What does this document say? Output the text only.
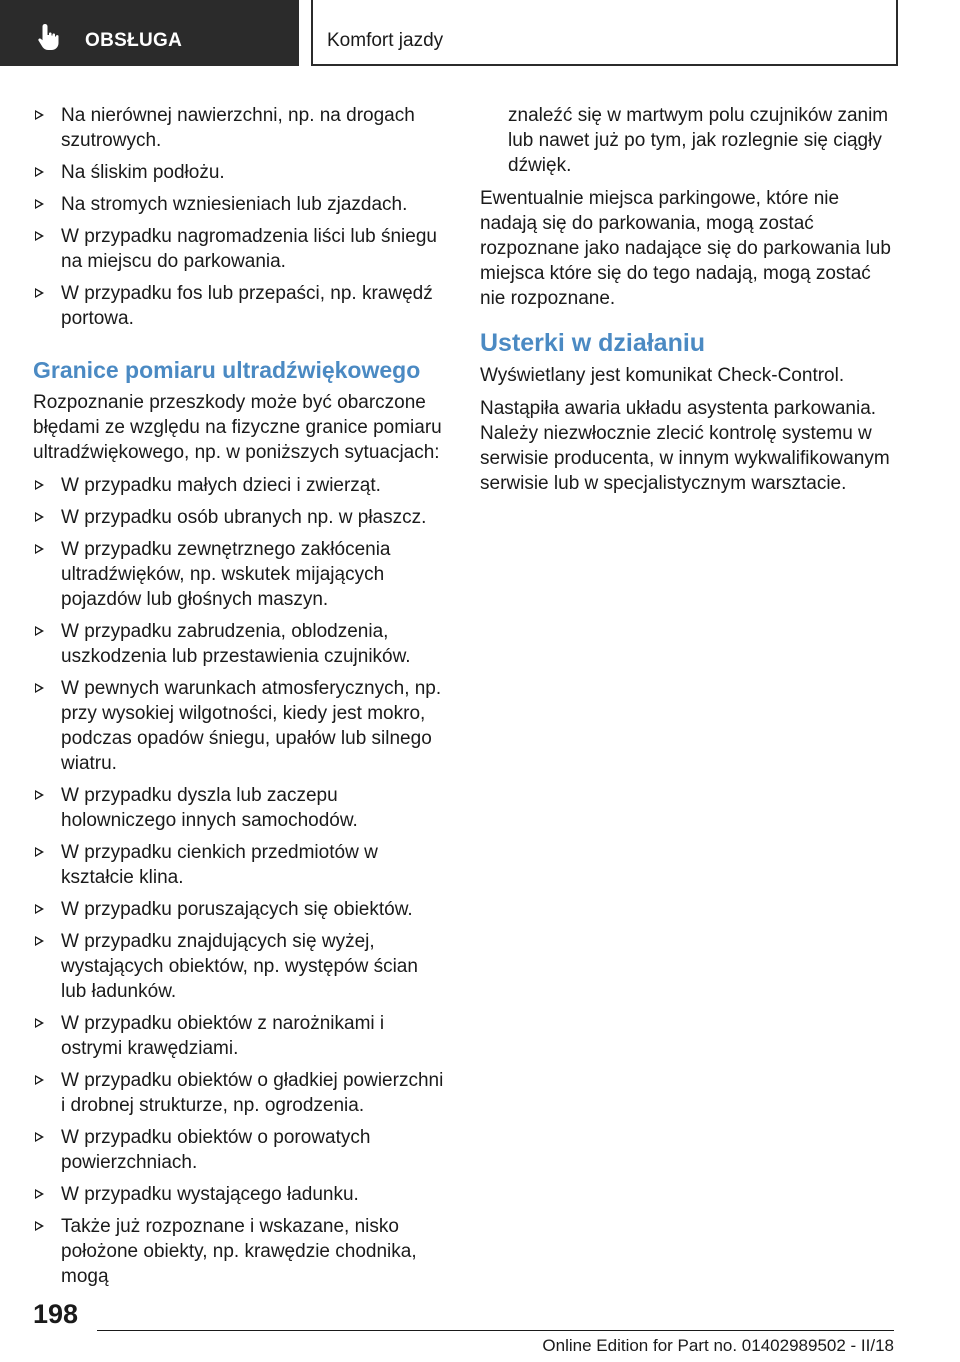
OBSŁUGA	Komfort jazdy
Na nierównej nawierzchni, np. na drogach szutrowych.
Na śliskim podłożu.
Na stromych wzniesieniach lub zjazdach.
W przypadku nagromadzenia liści lub śniegu na miejscu do parkowania.
W przypadku fos lub przepaści, np. krawędź portowa.
Granice pomiaru ultradźwiękowego

Rozpoznanie przeszkody może być obarczone błędami ze względu na fizyczne granice pomiaru ultradźwiękowego, np. w poniższych sytuacjach:

W przypadku małych dzieci i zwierząt.
W przypadku osób ubranych np. w płaszcz.
W przypadku zewnętrznego zakłócenia ultradźwięków, np. wskutek mijających pojazdów lub głośnych maszyn.
W przypadku zabrudzenia, oblodzenia, uszkodzenia lub przestawienia czujników.
W pewnych warunkach atmosferycznych, np. przy wysokiej wilgotności, kiedy jest mokro, podczas opadów śniegu, upałów lub silnego wiatru.
W przypadku dyszla lub zaczepu holowniczego innych samochodów.
W przypadku cienkich przedmiotów w kształcie klina.
W przypadku poruszających się obiektów.
W przypadku znajdujących się wyżej, wystających obiektów, np. występów ścian lub ładunków.
W przypadku obiektów z narożnikami i ostrymi krawędziami.
W przypadku obiektów o gładkiej powierzchni i drobnej strukturze, np. ogrodzenia.
W przypadku obiektów o porowatych powierzchniach.
W przypadku wystającego ładunku.
Także już rozpoznane i wskazane, nisko położone obiekty, np. krawędzie chodnika, mogą

znaleźć się w martwym polu czujników zanim lub nawet już po tym, jak rozlegnie się ciągły dźwięk.

Ewentualnie miejsca parkingowe, które nie nadają się do parkowania, mogą zostać rozpoznane jako nadające się do parkowania lub miejsca które się do tego nadają, mogą zostać nie rozpoznane.

Usterki w działaniu

Wyświetlany jest komunikat Check-Control.

Nastąpiła awaria układu asystenta parkowania. Należy niezwłocznie zlecić kontrolę systemu w serwisie producenta, w innym wykwalifikowanym serwisie lub w specjalistycznym warsztacie.

198
Online Edition for Part no. 01402989502 - II/18
